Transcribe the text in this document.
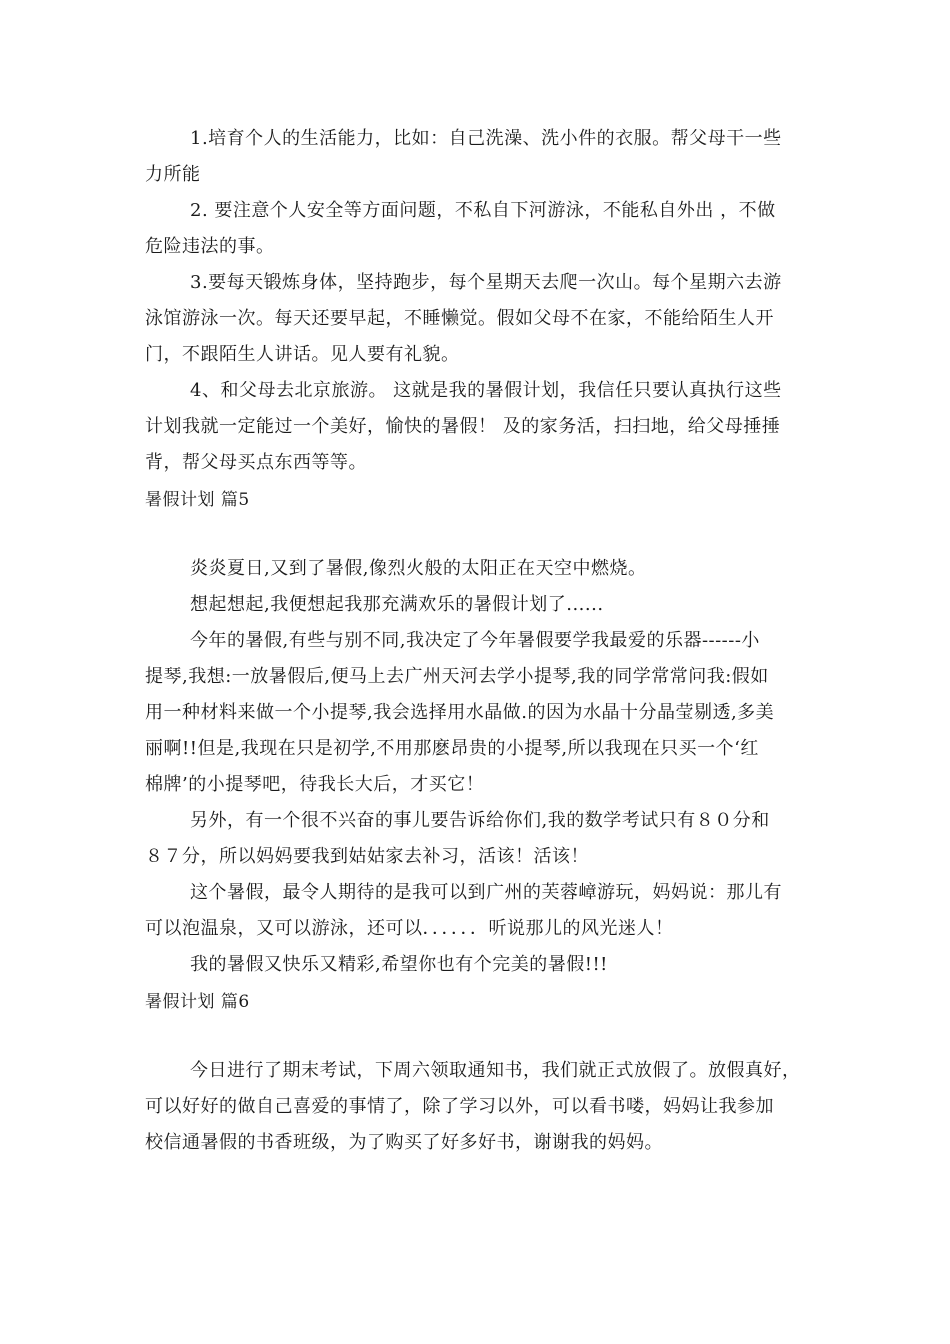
1.培育个人的生活能力，比如：自己洗澡、洗小件的衣服。帮父母干一些
力所能
2. 要注意个人安全等方面问题，不私自下河游泳，不能私自外出 ，不做
危险违法的事。
3.要每天锻炼身体，坚持跑步，每个星期天去爬一次山。每个星期六去游
泳馆游泳一次。每天还要早起，不睡懒觉。假如父母不在家，不能给陌生人开
门，不跟陌生人讲话。见人要有礼貌。
4、和父母去北京旅游。 这就是我的暑假计划，我信任只要认真执行这些
计划我就一定能过一个美好，愉快的暑假！ 及的家务活，扫扫地，给父母捶捶
背，帮父母买点东西等等。
暑假计划 篇5
炎炎夏日,又到了暑假,像烈火般的太阳正在天空中燃烧。
想起想起,我便想起我那充满欢乐的暑假计划了......
今年的暑假,有些与别不同,我决定了今年暑假要学我最爱的乐器------小
提琴,我想:一放暑假后,便马上去广州天河去学小提琴,我的同学常常问我:假如
用一种材料来做一个小提琴,我会选择用水晶做.的因为水晶十分晶莹剔透,多美
丽啊!!但是,我现在只是初学,不用那麽昂贵的小提琴,所以我现在只买一个‘红
棉牌’的小提琴吧，待我长大后，才买它！
另外，有一个很不兴奋的事儿要告诉给你们,我的数学考试只有８０分和
８７分，所以妈妈要我到姑姑家去补习，活该！活该！
这个暑假，最令人期待的是我可以到广州的芙蓉嶂游玩，妈妈说：那儿有
可以泡温泉，又可以游泳，还可以．．．．．．听说那儿的风光迷人！
我的暑假又快乐又精彩,希望你也有个完美的暑假!!!
暑假计划 篇6
今日进行了期末考试，下周六领取通知书，我们就正式放假了。放假真好，
可以好好的做自己喜爱的事情了，除了学习以外，可以看书喽，妈妈让我参加
校信通暑假的书香班级，为了购买了好多好书，谢谢我的妈妈。
